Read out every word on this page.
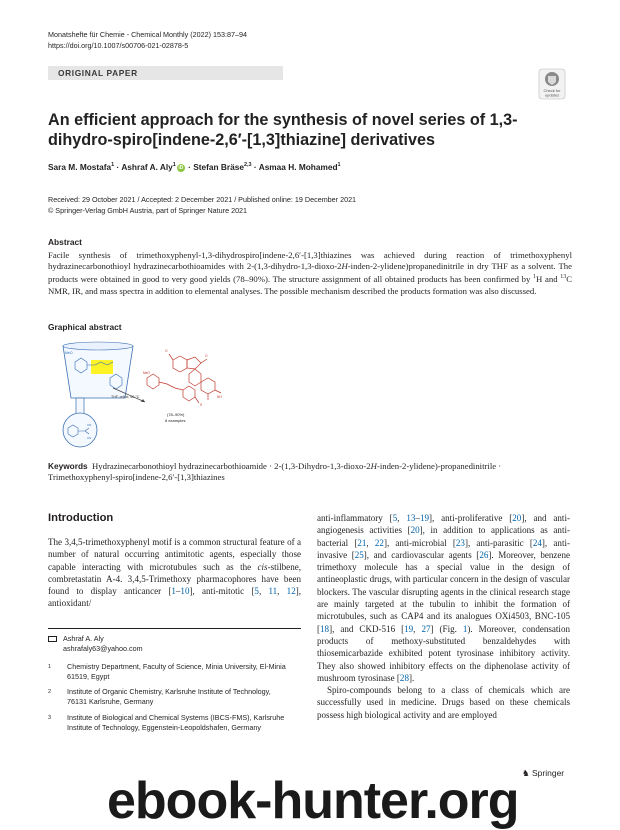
Monatshefte für Chemie - Chemical Monthly (2022) 153:87–94
https://doi.org/10.1007/s00706-021-02878-5
ORIGINAL PAPER
Check for
updates
An efficient approach for the synthesis of novel series of 1,3-dihydro-spiro[indene-2,6′-[1,3]thiazine] derivatives
Sara M. Mostafa$^1$ · Ashraf A. Aly$^1$ iD · Stefan Bräse$^{2,3}$ · Asmaa H. Mohamed$^1$
Received: 29 October 2021 / Accepted: 2 December 2021 / Published online: 19 December 2021
© Springer-Verlag GmbH Austria, part of Springer Nature 2021
Abstract
Facile synthesis of trimethoxyphenyl-1,3-dihydrospiro[indene-2,6′-[1,3]thiazines was achieved during reaction of trimethoxyphenyl hydrazinecarbonothioyl hydrazinecarbothioamides with 2-(1,3-dihydro-1,3-dioxo-2H-inden-2-ylidene)propanedinitrile in dry THF as a solvent. The products were obtained in good to very good yields (78–90%). The structure assignment of all obtained products has been confirmed by $^1$H and $^{13}$C NMR, IR, and mass spectra in addition to elemental analyses. The possible mechanism described the products formation was also discussed.
Graphical abstract
MeO
THF, reflux, 60 °C
CN
CN
O
O
NH
S
MeO
(78–90%)
8 examples
Keywords Hydrazinecarbonothioyl hydrazinecarbothioamide · 2-(1,3-Dihydro-1,3-dioxo-2H-inden-2-ylidene)-propanedinitrile · Trimethoxyphenyl-spiro[indene-2,6′-[1,3]thiazines
Introduction
The 3,4,5-trimethoxyphenyl motif is a common structural feature of a number of natural occurring antimitotic agents, especially those capable interacting with microtubules such as the cis-stilbene, combretastatin A-4. 3,4,5-Trimethoxy pharmacophores have been found to display anticancer [1–10], anti-mitotic [5, 11, 12], antioxidant/
anti-inflammatory [5, 13–19], anti-proliferative [20], and anti-angiogenesis activities [20], in addition to applications as anti-bacterial [21, 22], anti-microbial [23], anti-parasitic [24], anti-invasive [25], and cardiovascular agents [26]. Moreover, benzene trimethoxy molecule has a special value in the design of antineoplastic drugs, with particular concern in the design of vascular blockers. The vascular disrupting agents in the clinical research stage are mainly targeted at the tubulin to inhibit the formation of microtubules, such as CAP4 and its analogues OXi4503, BNC-105 [18], and CKD-516 [19, 27] (Fig. 1). Moreover, condensation products of methoxy-substituted benzaldehydes with thiosemicarbazide exhibited potent tyrosinase inhibitory activity. They also showed inhibitory effects on the diphenolase activity of mushroom tyrosinase [28].
Spiro-compounds belong to a class of chemicals which are successfully used in medicine. Drugs based on these chemicals possess high biological activity and are employed
Ashraf A. Aly
ashrafaly63@yahoo.com
1 Chemistry Department, Faculty of Science, Minia University, El-Minia 61519, Egypt
2 Institute of Organic Chemistry, Karlsruhe Institute of Technology, 76131 Karlsruhe, Germany
3 Institute of Biological and Chemical Systems (IBCS-FMS), Karlsruhe Institute of Technology, Eggenstein-Leopoldshafen, Germany
♞ Springer
ebook-hunter.org
